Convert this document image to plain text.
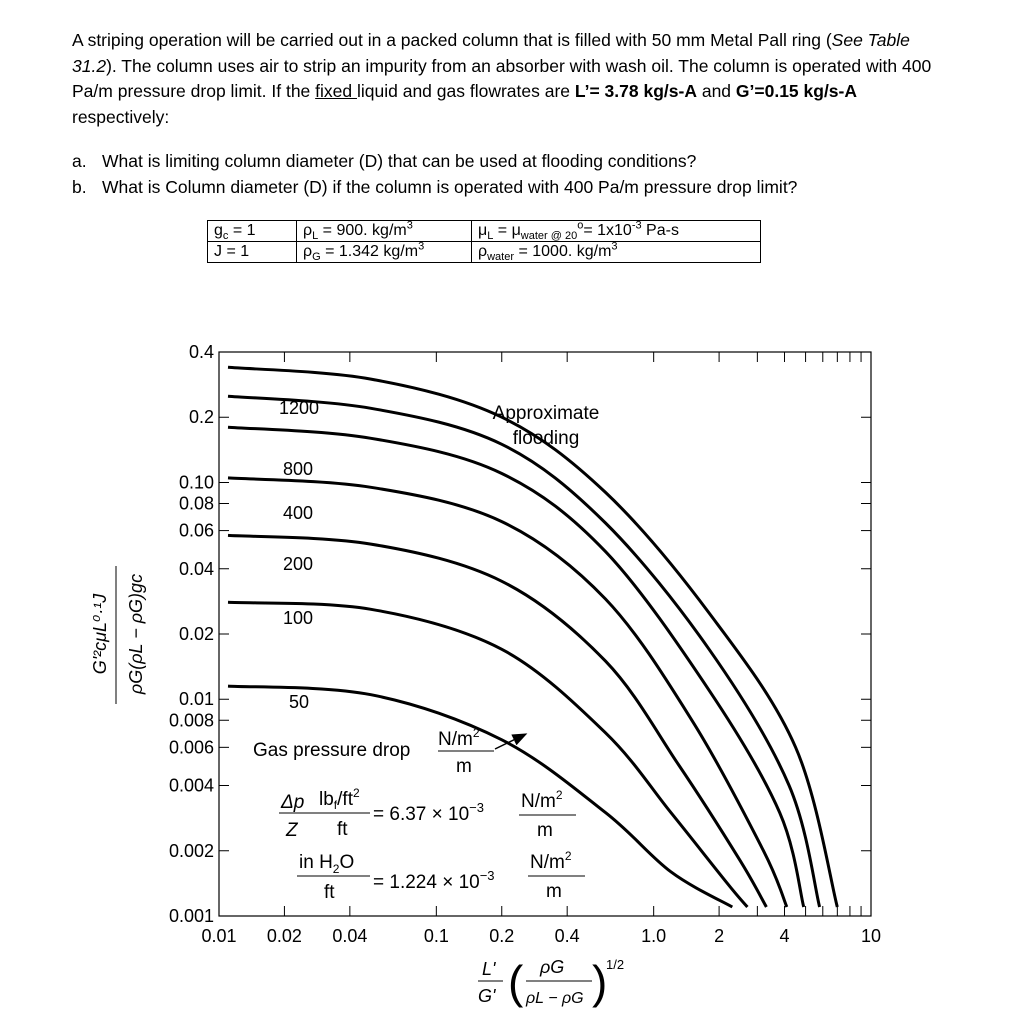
A striping operation will be carried out in a packed column that is filled with 50 mm Metal Pall ring (See Table 31.2). The column uses air to strip an impurity from an absorber with wash oil. The column is operated with 400 Pa/m pressure drop limit. If the fixed liquid and gas flowrates are L’= 3.78 kg/s-A and G’=0.15 kg/s-A respectively:

a. What is limiting column diameter (D) that can be used at flooding conditions?
b. What is Column diameter (D) if the column is operated with 400 Pa/m pressure drop limit?
$g_c = 1$	$\rho_L = 900$. $kg/m^3$	$\mu_L = \mu_{water @ 20}^o= 1x10^{-3}$ Pa-s
J = 1	$\rho_G = 1.342$ $kg/m^3$	$\rho_{water} = 1000$. $kg/m^3$
0.01 0.02 0.04	0.1 0.2 0.4	1.0	2	4	10
0.4
0.2
0.10
0.08
0.06
0.04
0.02
0.01
0.008
0.006
0.004
0.002
0.001
1200
800
400
200
100
50
Approximate
flooding
Gas pressure drop
$N/m^2$
m
Δp $lb_f/ft^2$
Z ft
= $6.37 \times 10^{-3}$ $N/m^2$
m
in $H_2O$
ft = $1.224 \times 10^{-3}$
$N/m^2$
m
L'
G' ( ρG
ρL − ρG )
1/2
G'²cμL⁰·¹J ρG(ρL − ρG)gc
